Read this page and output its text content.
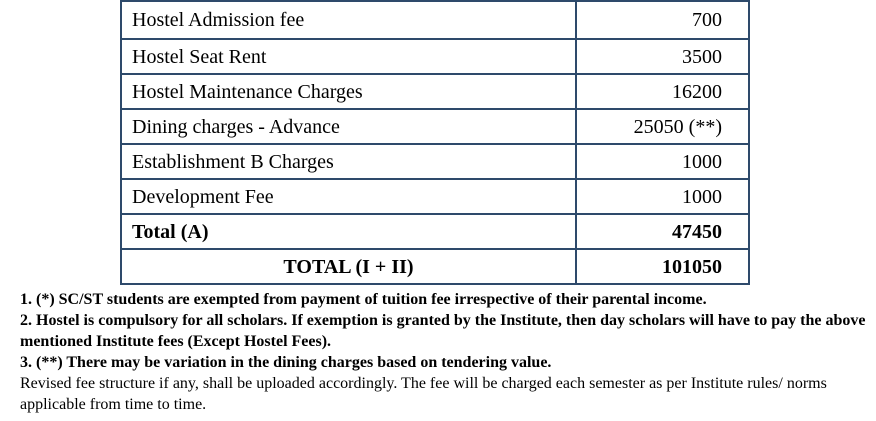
Hostel Admission fee	700
Hostel Seat Rent	3500
Hostel Maintenance Charges	16200
Dining charges - Advance	25050 (**)
Establishment B Charges	1000
Development Fee	1000
Total (A)	47450
TOTAL (I + II)	101050

1. (*) SC/ST students are exempted from payment of tuition fee irrespective of their parental income.

2. Hostel is compulsory for all scholars. If exemption is granted by the Institute, then day scholars will have to pay the above mentioned Institute fees (Except Hostel Fees).

3. (**) There may be variation in the dining charges based on tendering value.

Revised fee structure if any, shall be uploaded accordingly. The fee will be charged each semester as per Institute rules/ norms applicable from time to time.
